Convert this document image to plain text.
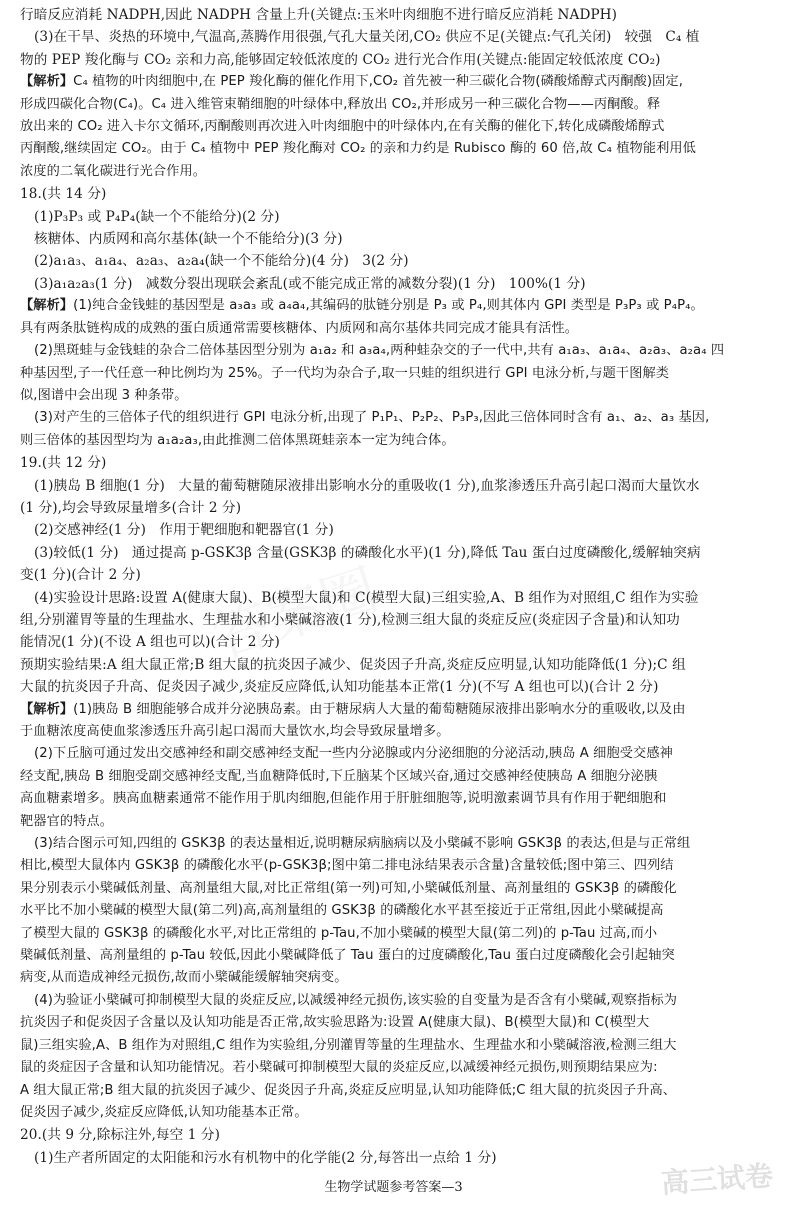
答案圈
行暗反应消耗 NADPH,因此 NADPH 含量上升(关键点:玉米叶肉细胞不进行暗反应消耗 NADPH)
(3)在干旱、炎热的环境中,气温高,蒸腾作用很强,气孔大量关闭,CO₂ 供应不足(关键点:气孔关闭)   较强   C₄ 植
物的 PEP 羧化酶与 CO₂ 亲和力高,能够固定较低浓度的 CO₂ 进行光合作用(关键点:能固定较低浓度 CO₂)
【解析】C₄ 植物的叶肉细胞中,在 PEP 羧化酶的催化作用下,CO₂ 首先被一种三碳化合物(磷酸烯醇式丙酮酸)固定,
形成四碳化合物(C₄)。C₄ 进入维管束鞘细胞的叶绿体中,释放出 CO₂,并形成另一种三碳化合物——丙酮酸。释
放出来的 CO₂ 进入卡尔文循环,丙酮酸则再次进入叶肉细胞中的叶绿体内,在有关酶的催化下,转化成磷酸烯醇式
丙酮酸,继续固定 CO₂。由于 C₄ 植物中 PEP 羧化酶对 CO₂ 的亲和力约是 Rubisco 酶的 60 倍,故 C₄ 植物能利用低
浓度的二氧化碳进行光合作用。
18.(共 14 分)
(1)P₃P₃ 或 P₄P₄(缺一个不能给分)(2 分)
核糖体、内质网和高尔基体(缺一个不能给分)(3 分)
(2)a₁a₃、a₁a₄、a₂a₃、a₂a₄(缺一个不能给分)(4 分)   3(2 分)
(3)a₁a₂a₃(1 分)   减数分裂出现联会紊乱(或不能完成正常的减数分裂)(1 分)   100%(1 分)
【解析】(1)纯合金钱蛙的基因型是 a₃a₃ 或 a₄a₄,其编码的肽链分别是 P₃ 或 P₄,则其体内 GPI 类型是 P₃P₃ 或 P₄P₄。
具有两条肽链构成的成熟的蛋白质通常需要核糖体、内质网和高尔基体共同完成才能具有活性。
(2)黑斑蛙与金钱蛙的杂合二倍体基因型分别为 a₁a₂ 和 a₃a₄,两种蛙杂交的子一代中,共有 a₁a₃、a₁a₄、a₂a₃、a₂a₄ 四
种基因型,子一代任意一种比例均为 25%。子一代均为杂合子,取一只蛙的组织进行 GPI 电泳分析,与题干图解类
似,图谱中会出现 3 种条带。
(3)对产生的三倍体子代的组织进行 GPI 电泳分析,出现了 P₁P₁、P₂P₂、P₃P₃,因此三倍体同时含有 a₁、a₂、a₃ 基因,
则三倍体的基因型均为 a₁a₂a₃,由此推测二倍体黑斑蛙亲本一定为纯合体。
19.(共 12 分)
(1)胰岛 B 细胞(1 分)   大量的葡萄糖随尿液排出影响水分的重吸收(1 分),血浆渗透压升高引起口渴而大量饮水
(1 分),均会导致尿量增多(合计 2 分)
(2)交感神经(1 分)   作用于靶细胞和靶器官(1 分)
(3)较低(1 分)   通过提高 p-GSK3β 含量(GSK3β 的磷酸化水平)(1 分),降低 Tau 蛋白过度磷酸化,缓解轴突病
变(1 分)(合计 2 分)
(4)实验设计思路:设置 A(健康大鼠)、B(模型大鼠)和 C(模型大鼠)三组实验,A、B 组作为对照组,C 组作为实验
组,分别灌胃等量的生理盐水、生理盐水和小檗碱溶液(1 分),检测三组大鼠的炎症反应(炎症因子含量)和认知功
能情况(1 分)(不设 A 组也可以)(合计 2 分)
预期实验结果:A 组大鼠正常;B 组大鼠的抗炎因子减少、促炎因子升高,炎症反应明显,认知功能降低(1 分);C 组
大鼠的抗炎因子升高、促炎因子减少,炎症反应降低,认知功能基本正常(1 分)(不写 A 组也可以)(合计 2 分)
【解析】(1)胰岛 B 细胞能够合成并分泌胰岛素。由于糖尿病人大量的葡萄糖随尿液排出影响水分的重吸收,以及由
于血糖浓度高使血浆渗透压升高引起口渴而大量饮水,均会导致尿量增多。
(2)下丘脑可通过发出交感神经和副交感神经支配一些内分泌腺或内分泌细胞的分泌活动,胰岛 A 细胞受交感神
经支配,胰岛 B 细胞受副交感神经支配,当血糖降低时,下丘脑某个区域兴奋,通过交感神经使胰岛 A 细胞分泌胰
高血糖素增多。胰高血糖素通常不能作用于肌肉细胞,但能作用于肝脏细胞等,说明激素调节具有作用于靶细胞和
靶器官的特点。
(3)结合图示可知,四组的 GSK3β 的表达量相近,说明糖尿病脑病以及小檗碱不影响 GSK3β 的表达,但是与正常组
相比,模型大鼠体内 GSK3β 的磷酸化水平(p-GSK3β;图中第二排电泳结果表示含量)含量较低;图中第三、四列结
果分别表示小檗碱低剂量、高剂量组大鼠,对比正常组(第一列)可知,小檗碱低剂量、高剂量组的 GSK3β 的磷酸化
水平比不加小檗碱的模型大鼠(第二列)高,高剂量组的 GSK3β 的磷酸化水平甚至接近于正常组,因此小檗碱提高
了模型大鼠的 GSK3β 的磷酸化水平,对比正常组的 p-Tau,不加小檗碱的模型大鼠(第二列)的 p-Tau 过高,而小
檗碱低剂量、高剂量组的 p-Tau 较低,因此小檗碱降低了 Tau 蛋白的过度磷酸化,Tau 蛋白过度磷酸化会引起轴突
病变,从而造成神经元损伤,故而小檗碱能缓解轴突病变。
(4)为验证小檗碱可抑制模型大鼠的炎症反应,以减缓神经元损伤,该实验的自变量为是否含有小檗碱,观察指标为
抗炎因子和促炎因子含量以及认知功能是否正常,故实验思路为:设置 A(健康大鼠)、B(模型大鼠)和 C(模型大
鼠)三组实验,A、B 组作为对照组,C 组作为实验组,分别灌胃等量的生理盐水、生理盐水和小檗碱溶液,检测三组大
鼠的炎症因子含量和认知功能情况。若小檗碱可抑制模型大鼠的炎症反应,以减缓神经元损伤,则预期结果应为:
A 组大鼠正常;B 组大鼠的抗炎因子减少、促炎因子升高,炎症反应明显,认知功能降低;C 组大鼠的抗炎因子升高、
促炎因子减少,炎症反应降低,认知功能基本正常。
20.(共 9 分,除标注外,每空 1 分)
(1)生产者所固定的太阳能和污水有机物中的化学能(2 分,每答出一点给 1 分)
生物学试题参考答案—3	高三试卷
